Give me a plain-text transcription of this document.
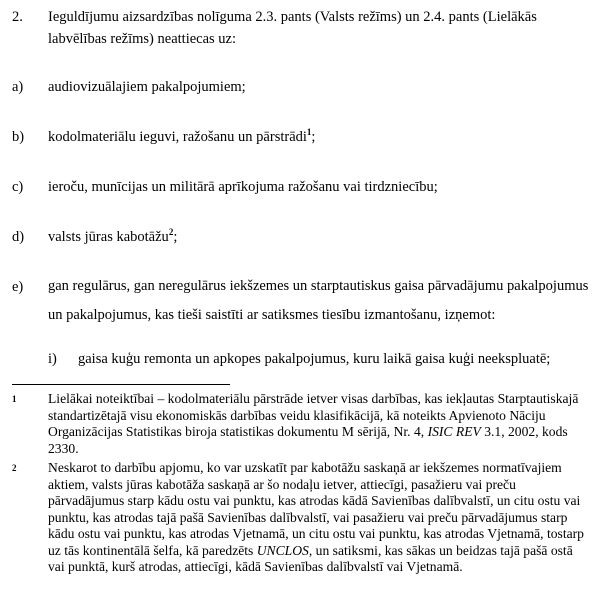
2. Ieguldījumu aizsardzības nolīguma 2.3. pants (Valsts režīms) un 2.4. pants (Lielākās labvēlības režīms) neattiecas uz:
a) audiovizuālajiem pakalpojumiem;
b) kodolmateriālu ieguvi, ražošanu un pārstrādi$^1$;
c) ieroču, munīcijas un militārā aprīkojuma ražošanu vai tirdzniecību;
d) valsts jūras kabotāžu$^2$;
e) gan regulārus, gan neregulārus iekšzemes un starptautiskus gaisa pārvadājumu pakalpojumus un pakalpojumus, kas tieši saistīti ar satiksmes tiesību izmantošanu, izņemot:
i) gaisa kuģu remonta un apkopes pakalpojumus, kuru laikā gaisa kuģi neekspluatē;
1 Lielākai noteiktībai – kodolmateriālu pārstrāde ietver visas darbības, kas iekļautas Starptautiskajā standartizētajā visu ekonomiskās darbības veidu klasifikācijā, kā noteikts Apvienoto Nāciju Organizācijas Statistikas biroja statistikas dokumentu M sērijā, Nr. 4, ISIC REV 3.1, 2002, kods 2330.
2 Neskarot to darbību apjomu, ko var uzskatīt par kabotāžu saskaņā ar iekšzemes normatīvajiem aktiem, valsts jūras kabotāža saskaņā ar šo nodaļu ietver, attiecīgi, pasažieru vai preču pārvadājumus starp kādu ostu vai punktu, kas atrodas kādā Savienības dalībvalstī, un citu ostu vai punktu, kas atrodas tajā pašā Savienības dalībvalstī, vai pasažieru vai preču pārvadājumus starp kādu ostu vai punktu, kas atrodas Vjetnamā, un citu ostu vai punktu, kas atrodas Vjetnamā, tostarp uz tās kontinentālā šelfa, kā paredzēts UNCLOS, un satiksmi, kas sākas un beidzas tajā pašā ostā vai punktā, kurš atrodas, attiecīgi, kādā Savienības dalībvalstī vai Vjetnamā.
